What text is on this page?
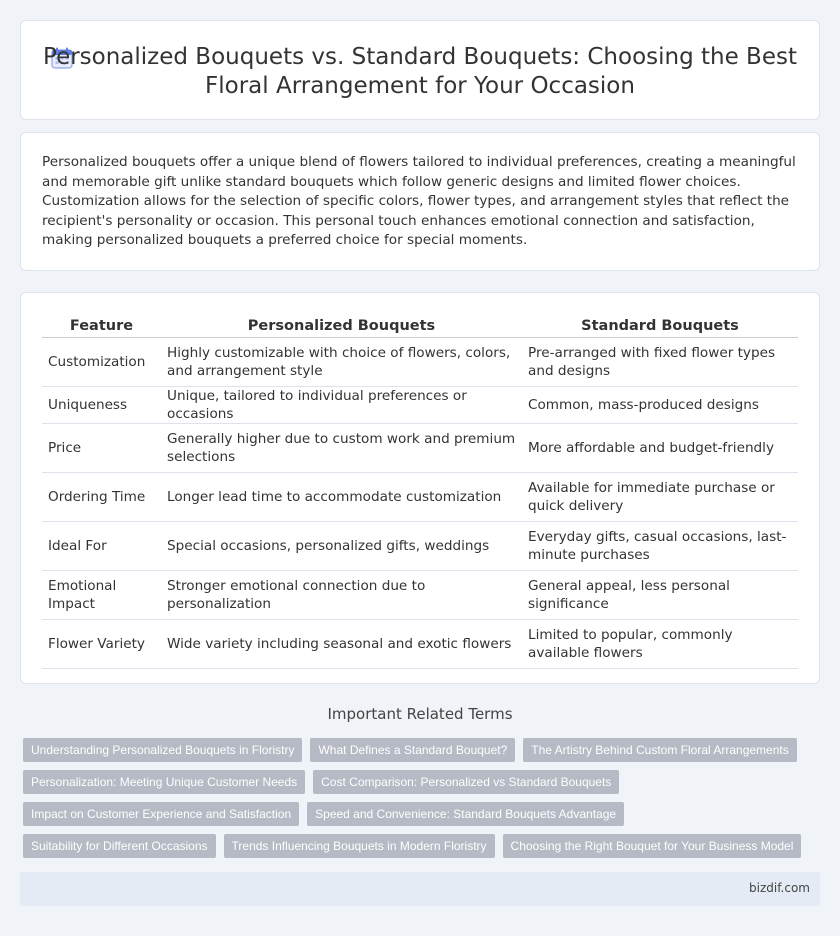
Personalized Bouquets vs. Standard Bouquets: Choosing the Best Floral Arrangement for Your Occasion

Personalized bouquets offer a unique blend of flowers tailored to individual preferences, creating a meaningful and memorable gift unlike standard bouquets which follow generic designs and limited flower choices. Customization allows for the selection of specific colors, flower types, and arrangement styles that reflect the recipient's personality or occasion. This personal touch enhances emotional connection and satisfaction, making personalized bouquets a preferred choice for special moments.

Feature	Personalized Bouquets	Standard Bouquets
Customization	Highly customizable with choice of flowers, colors, and arrangement style	Pre-arranged with fixed flower types and designs
Uniqueness	Unique, tailored to individual preferences or occasions	Common, mass-produced designs
Price	Generally higher due to custom work and premium selections	More affordable and budget-friendly
Ordering Time	Longer lead time to accommodate customization	Available for immediate purchase or quick delivery
Ideal For	Special occasions, personalized gifts, weddings	Everyday gifts, casual occasions, last-minute purchases
Emotional Impact	Stronger emotional connection due to personalization	General appeal, less personal significance
Flower Variety	Wide variety including seasonal and exotic flowers	Limited to popular, commonly available flowers
Important Related Terms
Understanding Personalized Bouquets in Floristry	What Defines a Standard Bouquet?	The Artistry Behind Custom Floral Arrangements
Personalization: Meeting Unique Customer Needs	Cost Comparison: Personalized vs Standard Bouquets
Impact on Customer Experience and Satisfaction	Speed and Convenience: Standard Bouquets Advantage
Suitability for Different Occasions	Trends Influencing Bouquets in Modern Floristry	Choosing the Right Bouquet for Your Business Model
bizdif.com
